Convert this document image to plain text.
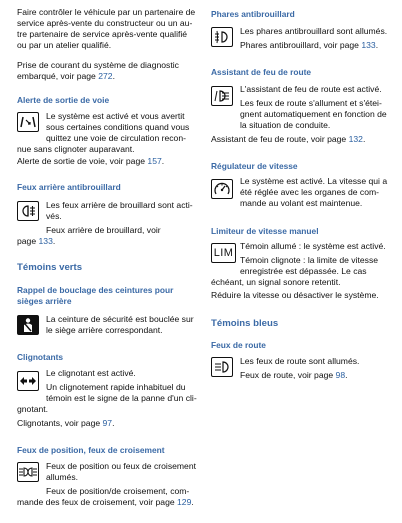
Faire contrôler le véhicule par un partenaire de

service après-vente du constructeur ou un au-

tre partenaire de service après-vente qualifié

ou par un atelier qualifié.

Prise de courant du système de diagnostic

embarqué, voir page 272.

Alerte de sortie de voie

Le système est activé et vous avertit

sous certaines conditions quand vous

quittez une voie de circulation recon-

nue sans clignoter auparavant.

Alerte de sortie de voie, voir page 157.

Feux arrière antibrouillard

Les feux arrière de brouillard sont acti-

vés.

Feux arrière de brouillard, voir

page 133.

Témoins verts

Rappel de bouclage des ceintures pour

sièges arrière

La ceinture de sécurité est bouclée sur

le siège arrière correspondant.

Clignotants

Le clignotant est activé.

Un clignotement rapide inhabituel du

témoin est le signe de la panne d'un cli-

gnotant.

Clignotants, voir page 97.

Feux de position, feux de croisement

Feux de position ou feux de croisement

allumés.

Feux de position/de croisement, com-

mande des feux de croisement, voir page 129.

Phares antibrouillard

Les phares antibrouillard sont allumés.

Phares antibrouillard, voir page 133.

Assistant de feu de route

L'assistant de feu de route est activé.

Les feux de route s'allument et s'étei-

gnent automatiquement en fonction de

la situation de conduite.

Assistant de feu de route, voir page 132.

Régulateur de vitesse

Le système est activé. La vitesse qui a

été réglée avec les organes de com-

mande au volant est maintenue.

Limiteur de vitesse manuel

LIM

Témoin allumé : le système est activé.

Témoin clignote : la limite de vitesse

enregistrée est dépassée. Le cas

échéant, un signal sonore retentit.

Réduire la vitesse ou désactiver le système.

Témoins bleus

Feux de route

Les feux de route sont allumés.

Feux de route, voir page 98.
